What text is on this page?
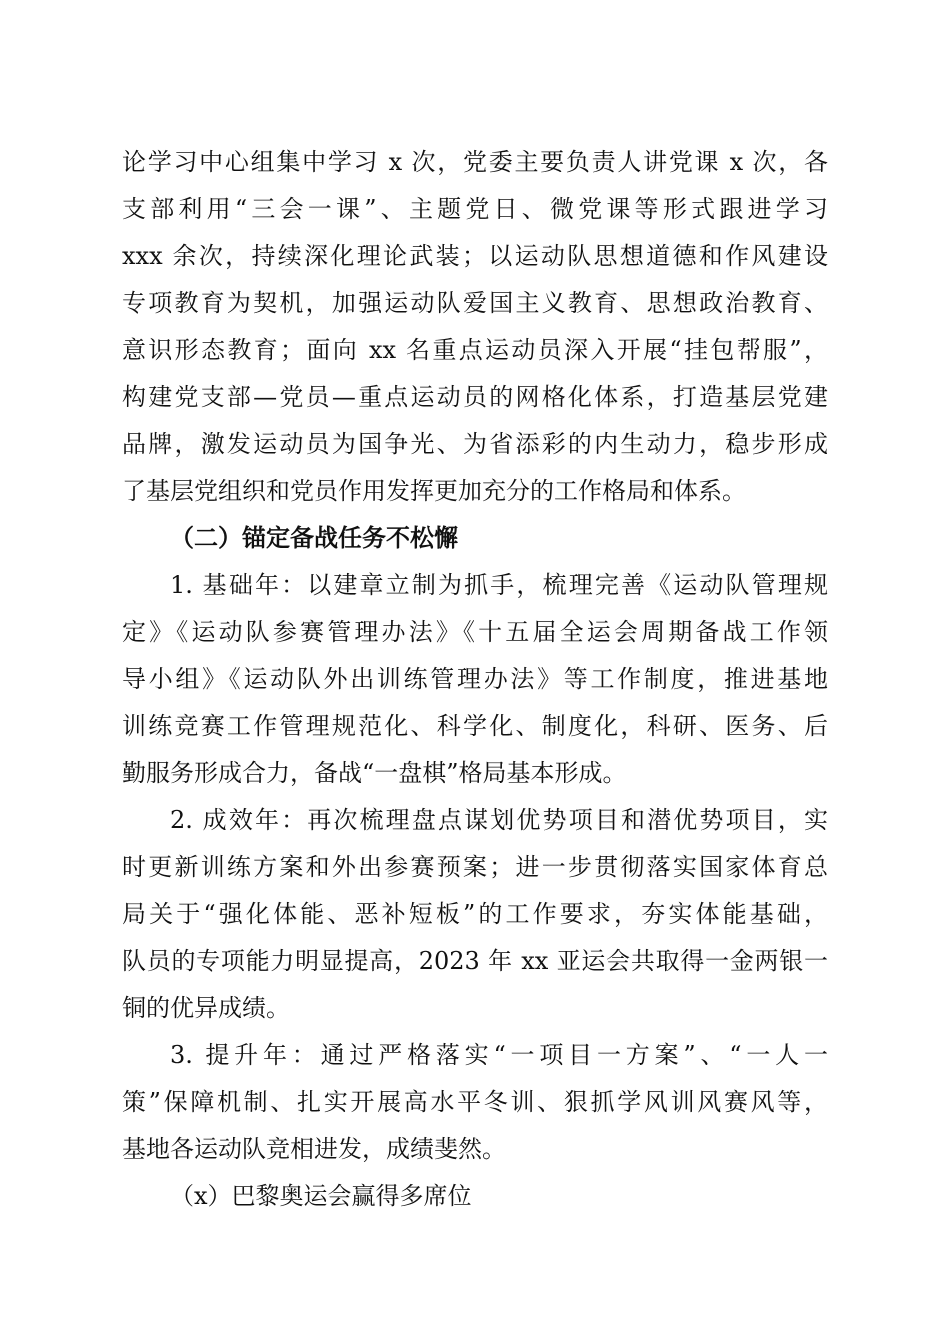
论学习中心组集中学习 x 次，党委主要负责人讲党课 x 次，各
支部利用“三会一课”、主题党日、微党课等形式跟进学习
xxx 余次，持续深化理论武装；以运动队思想道德和作风建设
专项教育为契机，加强运动队爱国主义教育、思想政治教育、
意识形态教育；面向 xx 名重点运动员深入开展“挂包帮服”，
构建党支部—党员—重点运动员的网格化体系，打造基层党建
品牌，激发运动员为国争光、为省添彩的内生动力，稳步形成
了基层党组织和党员作用发挥更加充分的工作格局和体系。
（二）锚定备战任务不松懈
1. 基础年：以建章立制为抓手，梳理完善《运动队管理规
定》《运动队参赛管理办法》《十五届全运会周期备战工作领
导小组》《运动队外出训练管理办法》等工作制度，推进基地
训练竞赛工作管理规范化、科学化、制度化，科研、医务、后
勤服务形成合力，备战“一盘棋”格局基本形成。
2. 成效年：再次梳理盘点谋划优势项目和潜优势项目，实
时更新训练方案和外出参赛预案；进一步贯彻落实国家体育总
局关于“强化体能、恶补短板”的工作要求，夯实体能基础，
队员的专项能力明显提高，2023 年 xx 亚运会共取得一金两银一
铜的优异成绩。
3. 提升年：通过严格落实“一项目一方案”、“一人一
策”保障机制、扎实开展高水平冬训、狠抓学风训风赛风等，
基地各运动队竞相进发，成绩斐然。
（x）巴黎奥运会赢得多席位
